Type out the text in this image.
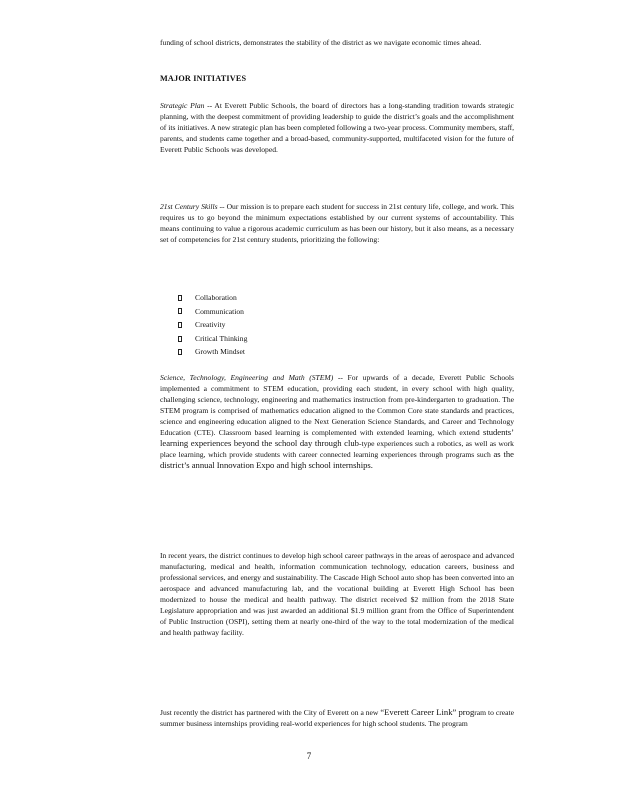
funding of school districts, demonstrates the stability of the district as we navigate economic times ahead.

MAJOR INITIATIVES

Strategic Plan -- At Everett Public Schools, the board of directors has a long-standing tradition towards strategic planning, with the deepest commitment of providing leadership to guide the district’s goals and the accomplishment of its initiatives. A new strategic plan has been completed following a two-year process. Community members, staff, parents, and students came together and a broad-based, community-supported, multifaceted vision for the future of Everett Public Schools was developed.

21st Century Skills -- Our mission is to prepare each student for success in 21st century life, college, and work. This requires us to go beyond the minimum expectations established by our current systems of accountability. This means continuing to value a rigorous academic curriculum as has been our history, but it also means, as a necessary set of competencies for 21st century students, prioritizing the following:

Collaboration
Communication
Creativity
Critical Thinking
Growth Mindset

Science, Technology, Engineering and Math (STEM) -- For upwards of a decade, Everett Public Schools implemented a commitment to STEM education, providing each student, in every school with high quality, challenging science, technology, engineering and mathematics instruction from pre-kindergarten to graduation. The STEM program is comprised of mathematics education aligned to the Common Core state standards and practices, science and engineering education aligned to the Next Generation Science Standards, and Career and Technology Education (CTE). Classroom based learning is complemented with extended learning, which extend students’ learning experiences beyond the school day through club-type experiences such a robotics, as well as work place learning, which provide students with career connected learning experiences through programs such as the district’s annual Innovation Expo and high school internships.

In recent years, the district continues to develop high school career pathways in the areas of aerospace and advanced manufacturing, medical and health, information communication technology, education careers, business and professional services, and energy and sustainability. The Cascade High School auto shop has been converted into an aerospace and advanced manufacturing lab, and the vocational building at Everett High School has been modernized to house the medical and health pathway. The district received $2 million from the 2018 State Legislature appropriation and was just awarded an additional $1.9 million grant from the Office of Superintendent of Public Instruction (OSPI), setting them at nearly one-third of the way to the total modernization of the medical and health pathway facility.

Just recently the district has partnered with the City of Everett on a new “Everett Career Link” program to create summer business internships providing real-world experiences for high school students. The program

7
